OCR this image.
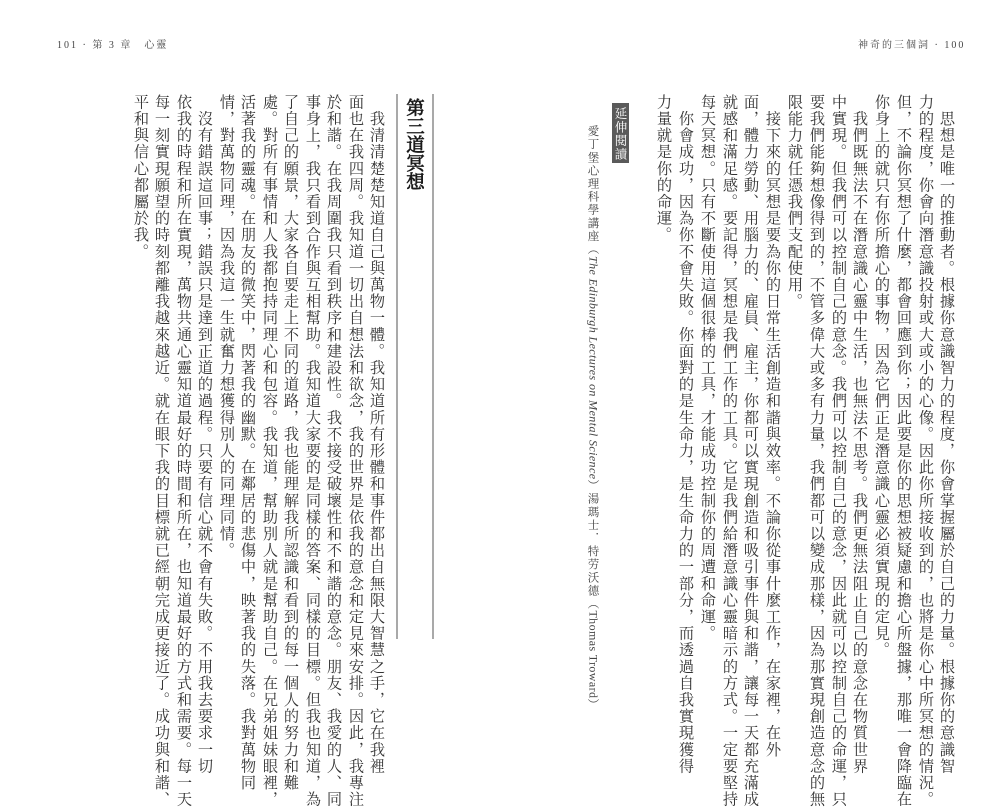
101 · 第 3 章　心靈	神奇的三個詞 · 100
　思想是唯一的推動者。根據你意識智力的程度，你會掌握屬於自己的力量。根據你的意識智
力的程度，你會向潛意識投射或大或小的心像。因此你所接收到的，也將是你心中所冥想的情況。
但，不論你冥想了什麼，都會回應到你；因此要是你的思想被疑慮和擔心所盤據，那唯一會降臨在
你身上的就只有你所擔心的事物，因為它們正是潛意識心靈必須實現的定見。
　我們既無法不在潛意識心靈中生活，也無法不思考。我們更無法阻止自己的意念在物質世界
中實現。但我們可以控制自己的意念。我們可以控制自己的意念，因此就可以控制自己的命運，只
要我們能夠想像得到的，不管多偉大或多有力量，我們都可以變成那樣，因為那實現創造意念的無
限能力就任憑我們支配使用。
　接下來的冥想是要為你的日常生活創造和諧與效率。不論你從事什麼工作，在家裡，在外
面，體力勞動、用腦力的、雇員、雇主，你都可以實現創造和吸引事件與和諧，讓每一天都充滿成
就感和滿足感。要記得，冥想是我們工作的工具。它是我們給潛意識心靈暗示的方式。一定要堅持
每天冥想。只有不斷使用這個很棒的工具，才能成功控制你的周遭和命運。
　你會成功，因為你不會失敗。你面對的是生命力，是生命力的一部分，而透過自我實現獲得
力量就是你的命運。
延伸閱讀
愛丁堡心理科學講座（The Edinburgh Lectures on Mental Science）湯瑪士．特劳沃德（Thomas Troward）
第三道冥想
　我清清楚楚知道自己與萬物一體。我知道所有形體和事件都出自無限大智慧之手，它在我裡
面也在我四周。我知道一切出自想法和欲念，我的世界是依我的意念和定見來安排。因此，我專注
於和諧。在我周圍我只看到秩序和建設性。我不接受破壞性和不和諧的意念。朋友、我愛的人、同
事身上，我只看到合作與互相幫助。我知道大家要的是同樣的答案、同樣的目標。但我也知道，為
了自己的願景，大家各自要走上不同的道路，我也能理解我所認識和看到的每一個人的努力和難
處。對所有事情和人我都抱持同理心和包容。我知道，幫助別人就是幫助自己。在兄弟姐妹眼裡，
活著我的靈魂。在朋友的微笑中，閃著我的幽默。在鄰居的悲傷中，映著我的失落。我對萬物同
情，對萬物同理，因為我這一生就奮力想獲得別人的同理同情。
　沒有錯誤這回事；錯誤只是達到正道的過程。只要有信心就不會有失敗。不用我去要求一切
依我的時程和所在實現，萬物共通心靈知道最好的時間和所在，也知道最好的方式和需要。每一天
每一刻實現願望的時刻都離我越來越近。就在眼下我的目標就已經朝完成更接近了。成功與和諧、
平和與信心都屬於我。
